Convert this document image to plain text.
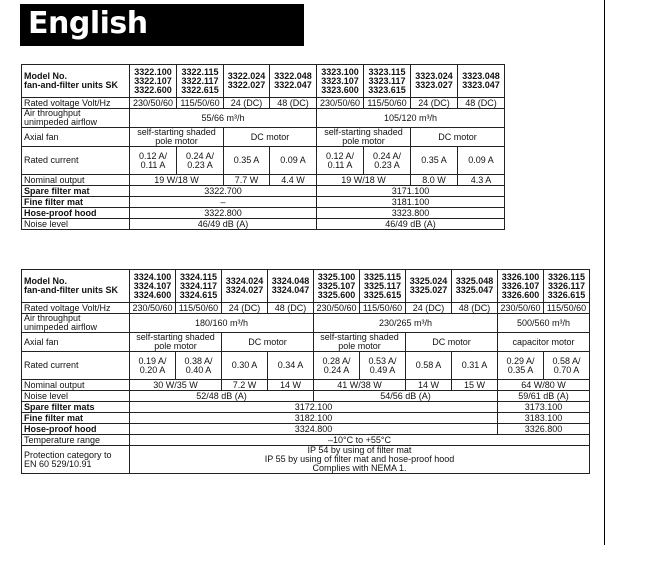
English
Model No.
fan-and-filter units SK	3322.100
3322.107
3322.600	3322.115
3322.117
3322.615	3322.024
3322.027	3322.048
3322.047	3323.100
3323.107
3323.600	3323.115
3323.117
3323.615	3323.024
3323.027	3323.048
3323.047
Rated voltage Volt/Hz	230/50/60	115/50/60	24 (DC)	48 (DC)	230/50/60	115/50/60	24 (DC)	48 (DC)
Air throughput
unimpeded airflow	55/66 m³/h				105/120 m³/h			
Axial fan	self-starting shaded
pole motor		DC motor		self-starting shaded
pole motor		DC motor	
Rated current	0.12 A/
0.11 A	0.24 A/
0.23 A	0.35 A	0.09 A	0.12 A/
0.11 A	0.24 A/
0.23 A	0.35 A	0.09 A
Nominal output	19 W/18 W		7.7 W	4.4 W	19 W/18 W		8.0 W	4.3 A
Spare filter mat	3322.700				3171.100			
Fine filter mat	–				3181.100			
Hose-proof hood	3322.800				3323.800			
Noise level	46/49 dB (A)				46/49 dB (A)			
Model No.
fan-and-filter units SK	3324.100
3324.107
3324.600	3324.115
3324.117
3324.615	3324.024
3324.027	3324.048
3324.047	3325.100
3325.107
3325.600	3325.115
3325.117
3325.615	3325.024
3325.027	3325.048
3325.047	3326.100
3326.107
3326.600	3326.115
3326.117
3326.615
Rated voltage Volt/Hz	230/50/60	115/50/60	24 (DC)	48 (DC)	230/50/60	115/50/60	24 (DC)	48 (DC)	230/50/60	115/50/60
Air throughput
unimpeded airflow	180/160 m³/h				230/265 m³/h				500/560 m³/h	
Axial fan	self-starting shaded
pole motor		DC motor		self-starting shaded
pole motor		DC motor		capacitor motor	
Rated current	0.19 A/
0.20 A	0.38 A/
0.40 A	0.30 A	0.34 A	0.28 A/
0.24 A	0.53 A/
0.49 A	0.58 A	0.31 A	0.29 A/
0.35 A	0.58 A/
0.70 A
Nominal output	30 W/35 W		7.2 W	14 W	41 W/38 W		14 W	15 W	64 W/80 W	
Noise level	52/48 dB (A)				54/56 dB (A)				59/61 dB (A)	
Spare filter mats	3172.100								3173.100	
Fine filter mat	3182.100								3183.100	
Hose-proof hood	3324.800								3326.800	
Temperature range	–10°C to +55°C									
Protection category to
EN 60 529/10.91	IP 54 by using of filter mat
IP 55 by using of filter mat and hose-proof hood
Complies with NEMA 1.									
